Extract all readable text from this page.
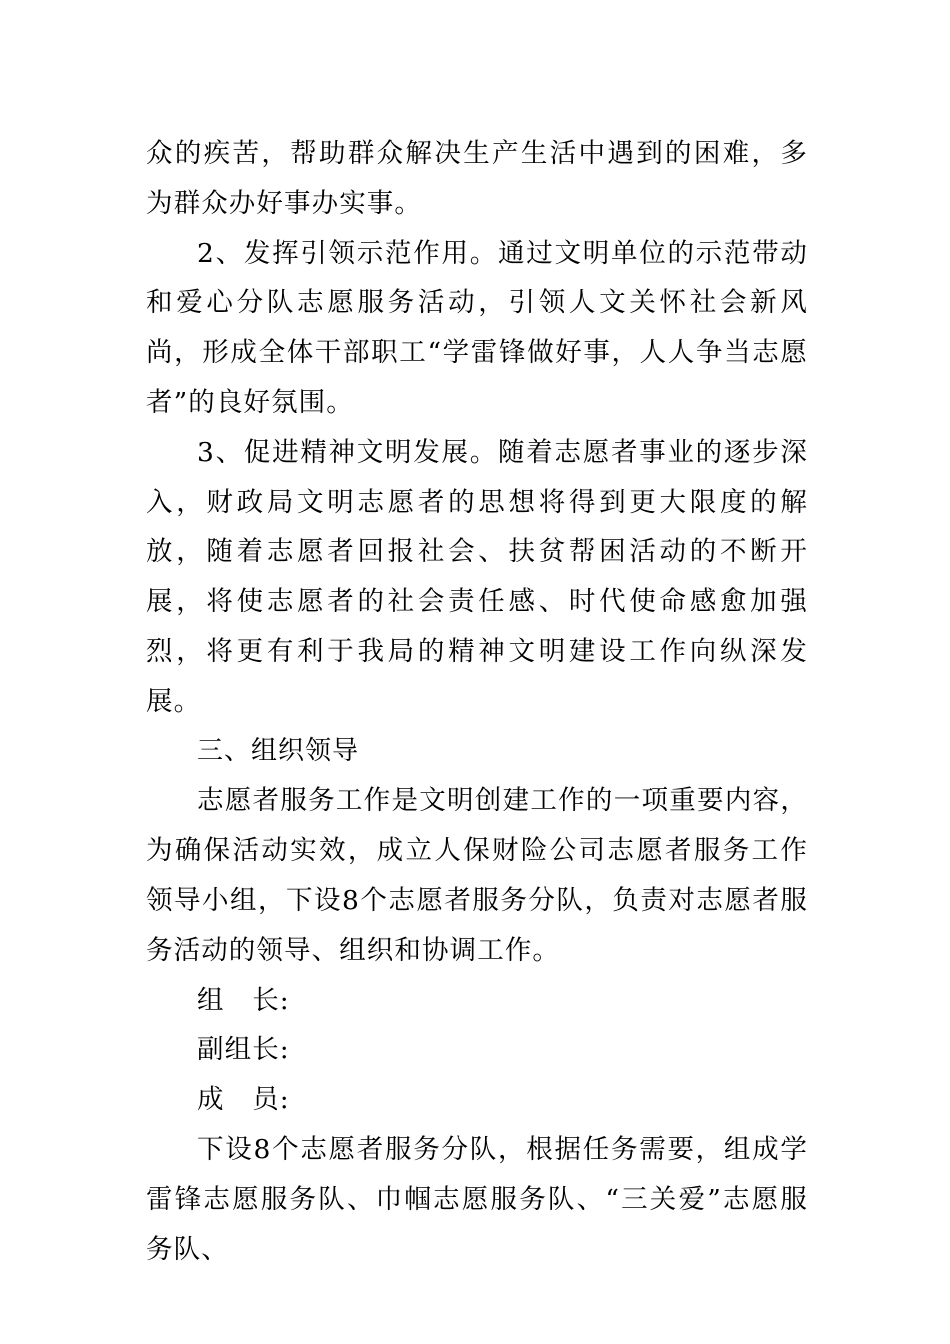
众的疾苦，帮助群众解决生产生活中遇到的困难，多为群众办好事办实事。

2、发挥引领示范作用。通过文明单位的示范带动和爱心分队志愿服务活动，引领人文关怀社会新风尚，形成全体干部职工“学雷锋做好事，人人争当志愿者”的良好氛围。

3、促进精神文明发展。随着志愿者事业的逐步深入，财政局文明志愿者的思想将得到更大限度的解放，随着志愿者回报社会、扶贫帮困活动的不断开展，将使志愿者的社会责任感、时代使命感愈加强烈，将更有利于我局的精神文明建设工作向纵深发展。

三、组织领导

志愿者服务工作是文明创建工作的一项重要内容，为确保活动实效，成立人保财险公司志愿者服务工作领导小组，下设8个志愿者服务分队，负责对志愿者服务活动的领导、组织和协调工作。

组　长:

副组长:

成　员:

下设8个志愿者服务分队，根据任务需要，组成学雷锋志愿服务队、巾帼志愿服务队、“三关爱”志愿服务队、
